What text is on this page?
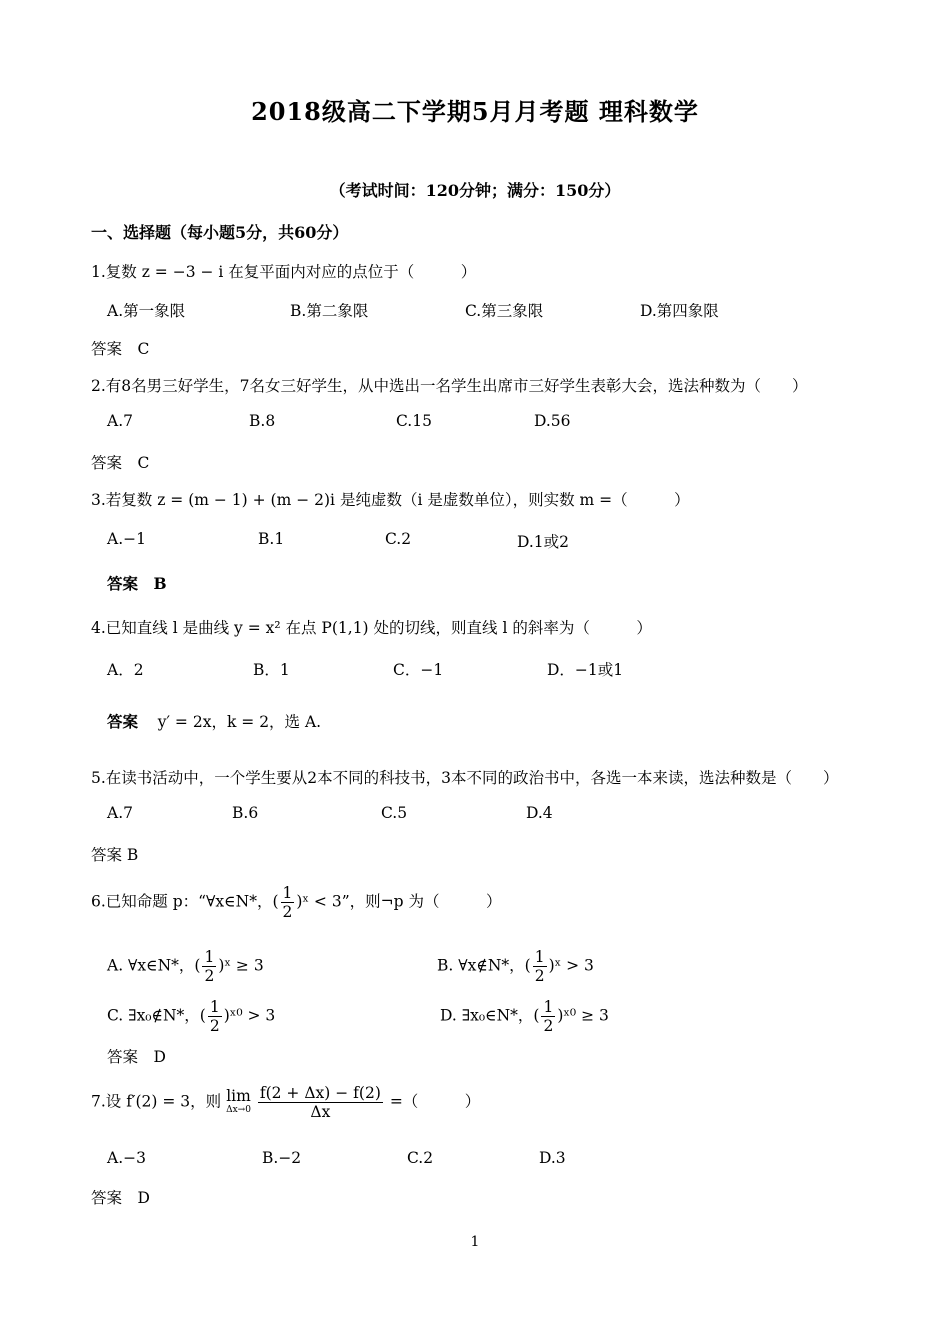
2018级高二下学期5月月考题 理科数学
（考试时间：120分钟；满分：150分）
一、选择题（每小题5分，共60分）
1.复数 z = −3 − i 在复平面内对应的点位于（　　　）
A.第一象限	B.第二象限	C.第三象限	D.第四象限
答案　C
2.有8名男三好学生，7名女三好学生，从中选出一名学生出席市三好学生表彰大会，选法种数为（　　）
A.7	B.8	C.15	D.56
答案　C
3.若复数 z = (m − 1) + (m − 2)i 是纯虚数（i 是虚数单位），则实数 m =（　　　）
A.−1	B.1	C.2	D.1或2
答案　B
4.已知直线 l 是曲线 y = x² 在点 P(1,1) 处的切线，则直线 l 的斜率为（　　　）
A．2	B．1	C．−1	D．−1或1
答案 y′ = 2x，k = 2，选 A.
5.在读书活动中，一个学生要从2本不同的科技书，3本不同的政治书中，各选一本来读，选法种数是（　　）
A.7	B.6	C.5	D.4
答案 B
6.已知命题 p：“∀x∈N*，( $\frac{1}{2}$ )ˣ < 3”，则¬p 为（　　　）
A. ∀x∈N*，( $\frac{1}{2}$ )ˣ ≥ 3	B. ∀x∉N*，( $\frac{1}{2}$ )ˣ > 3
C. ∃x₀∉N*，( $\frac{1}{2}$ )ˣ⁰ > 3	D. ∃x₀∈N*，( $\frac{1}{2}$ )ˣ⁰ ≥ 3
答案　D
7.设 f′(2) = 3，则 lim
Δx→0
$\frac{f(2 + \Delta x) - f(2)}{\Delta x}$ =（　　　）
A.−3	B.−2	C.2	D.3
答案　D
1
